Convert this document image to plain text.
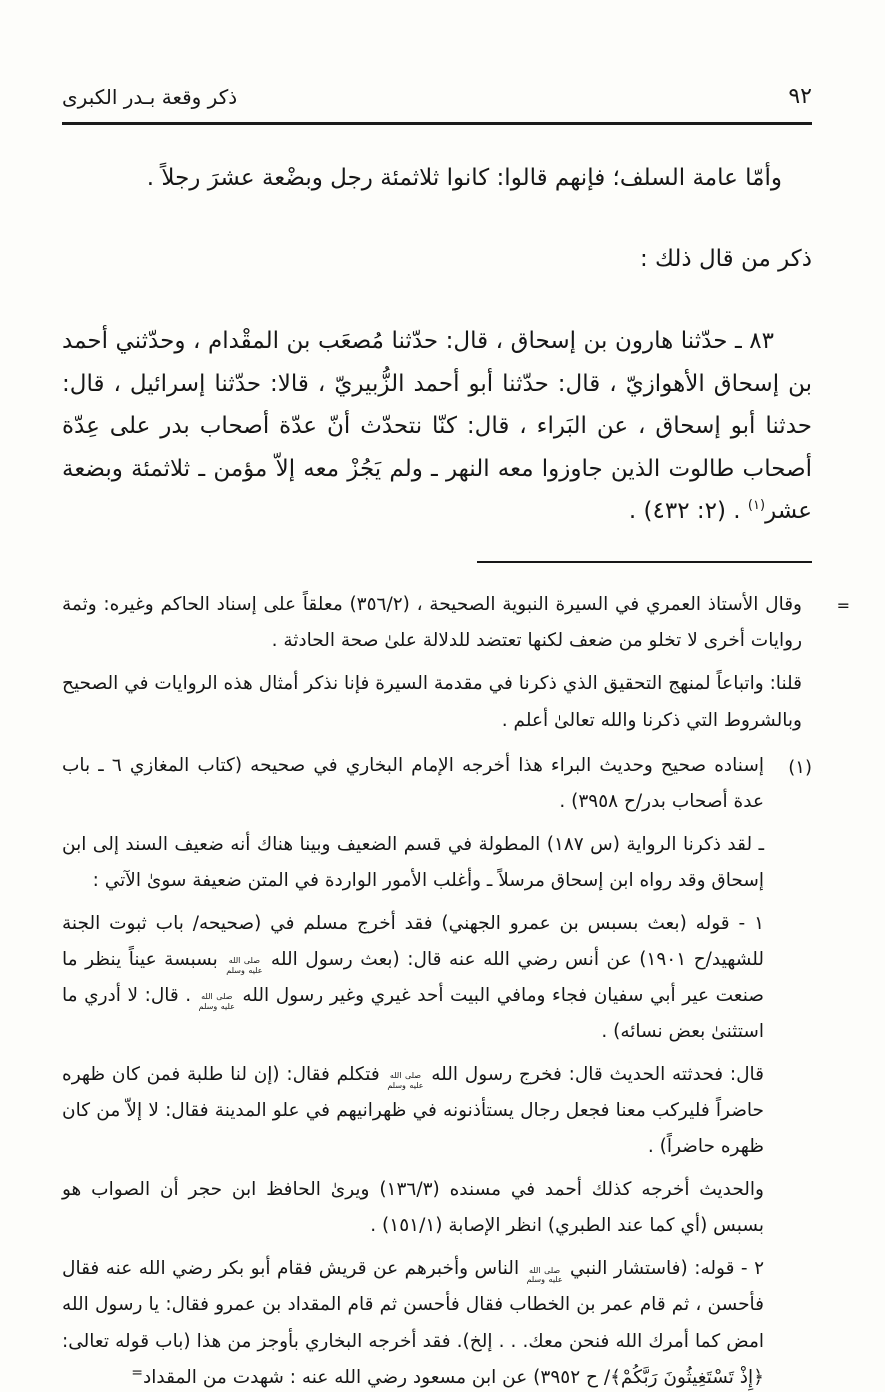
٩٢
ذكر وقعة بـدر الكبرى

وأمّا عامة السلف؛ فإنهم قالوا: كانوا ثلاثمئة رجل وبضْعة عشرَ رجلاً .

ذكر من قال ذلك :

٨٣ ـ حدّثنا هارون بن إسحاق ، قال: حدّثنا مُصعَب بن المقْدام ، وحدّثني أحمد بن إسحاق الأهوازيّ ، قال: حدّثنا أبو أحمد الزُّبيريّ ، قالا: حدّثنا إسرائيل ، قال: حدثنا أبو إسحاق ، عن البَراء ، قال: كنّا نتحدّث أنّ عدّة أصحاب بدر على عِدّة أصحاب طالوت الذين جاوزوا معه النهر ـ ولم يَجُزْ معه إلاّ مؤمن ـ ثلاثمئة وبضعة عشر$^{(١)}$ . (٢: ٤٣٢) .

=

وقال الأستاذ العمري في السيرة النبوية الصحيحة ، (٣٥٦/٢) معلقاً على إسناد الحاكم وغيره: وثمة روايات أخرى لا تخلو من ضعف لكنها تعتضد للدلالة علىٰ صحة الحادثة .

قلنا: واتباعاً لمنهج التحقيق الذي ذكرنا في مقدمة السيرة فإنا نذكر أمثال هذه الروايات في الصحيح وبالشروط التي ذكرنا والله تعالىٰ أعلم .

(١)

إسناده صحيح وحديث البراء هذا أخرجه الإمام البخاري في صحيحه (كتاب المغازي ٦ ـ باب عدة أصحاب بدر/ح ٣٩٥٨) .

ـ لقد ذكرنا الرواية (س ١٨٧) المطولة في قسم الضعيف وبينا هناك أنه ضعيف السند إلى ابن إسحاق وقد رواه ابن إسحاق مرسلاً ـ وأغلب الأمور الواردة في المتن ضعيفة سوىٰ الآتي :

١ - قوله (بعث بسبس بن عمرو الجهني) فقد أخرج مسلم في (صحيحه/ باب ثبوت الجنة للشهيد/ح ١٩٠١) عن أنس رضي الله عنه قال: (بعث رسول الله صلى الله عليه وسلم بسبسة عيناً ينظر ما صنعت عير أبي سفيان فجاء ومافي البيت أحد غيري وغير رسول الله صلى الله عليه وسلم . قال: لا أدري ما استثنىٰ بعض نسائه) .

قال: فحدثته الحديث قال: فخرج رسول الله صلى الله عليه وسلم فتكلم فقال: (إن لنا طلبة فمن كان ظهره حاضراً فليركب معنا فجعل رجال يستأذنونه في ظهرانيهم في علو المدينة فقال: لا إلاّ من كان ظهره حاضراً) .

والحديث أخرجه كذلك أحمد في مسنده (١٣٦/٣) ويرىٰ الحافظ ابن حجر أن الصواب هو بسبس (أي كما عند الطبري) انظر الإصابة (١٥١/١) .

٢ - قوله: (فاستشار النبي صلى الله عليه وسلم الناس وأخبرهم عن قريش فقام أبو بكر رضي الله عنه فقال فأحسن ، ثم قام عمر بن الخطاب فقال فأحسن ثم قام المقداد بن عمرو فقال: يا رسول الله امض كما أمرك الله فنحن معك. . . إلخ). فقد أخرجه البخاري بأوجز من هذا (باب قوله تعالى: ﴿إِذْ تَسْتَغِيثُونَ رَبَّكُمْ﴾/ ح ٣٩٥٢) عن ابن مسعود رضي الله عنه : شهدت من المقداد=
